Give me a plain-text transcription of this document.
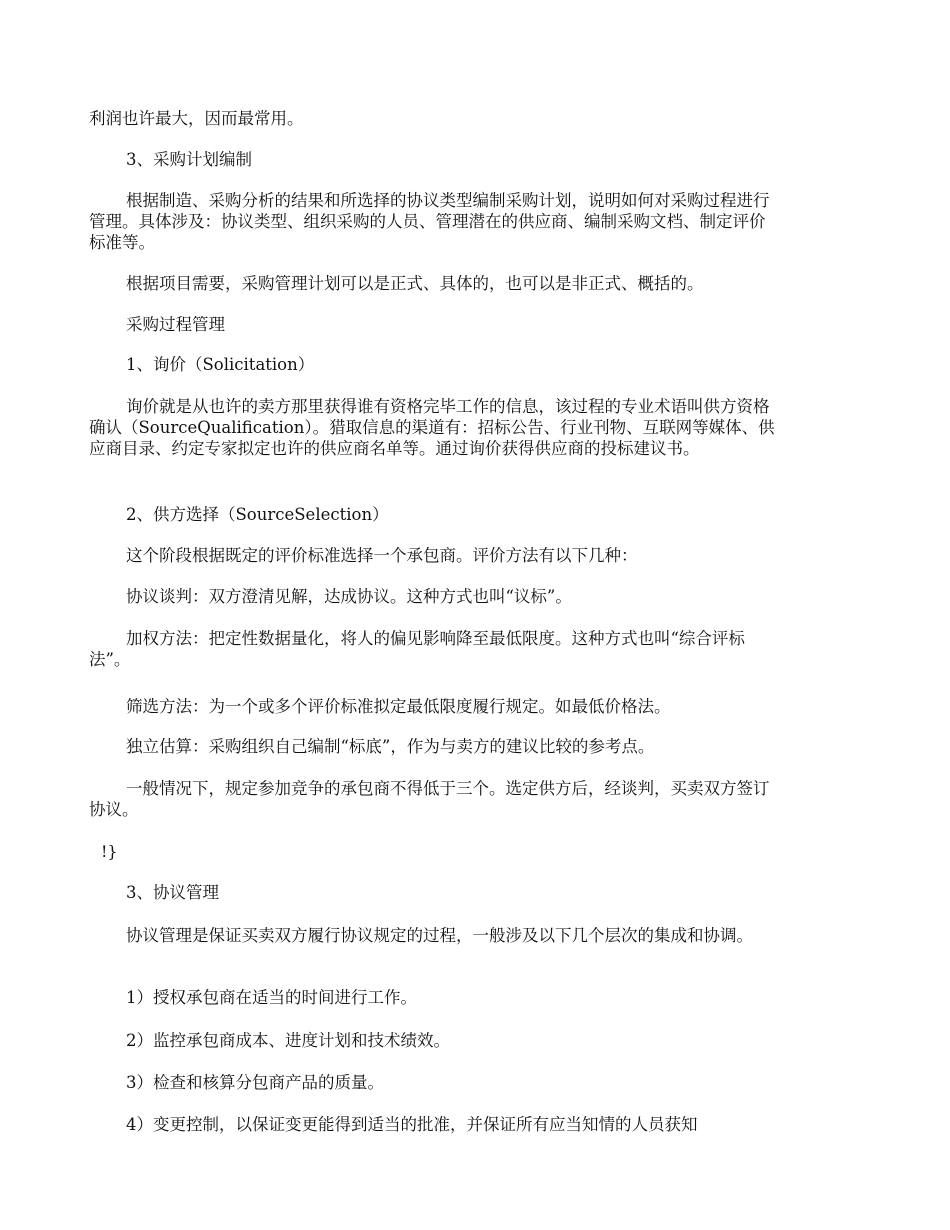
利润也许最大，因而最常用。

3、采购计划编制

根据制造、采购分析的结果和所选择的协议类型编制采购计划，说明如何对采购过程进行管理。具体涉及：协议类型、组织采购的人员、管理潜在的供应商、编制采购文档、制定评价标准等。

根据项目需要，采购管理计划可以是正式、具体的，也可以是非正式、概括的。

采购过程管理

1、询价（Solicitation）

询价就是从也许的卖方那里获得谁有资格完毕工作的信息，该过程的专业术语叫供方资格确认（SourceQualification）。猎取信息的渠道有：招标公告、行业刊物、互联网等媒体、供应商目录、约定专家拟定也许的供应商名单等。通过询价获得供应商的投标建议书。

2、供方选择（SourceSelection）

这个阶段根据既定的评价标准选择一个承包商。评价方法有以下几种：

协议谈判：双方澄清见解，达成协议。这种方式也叫“议标”。

加权方法：把定性数据量化，将人的偏见影响降至最低限度。这种方式也叫“综合评标法”。

筛选方法：为一个或多个评价标准拟定最低限度履行规定。如最低价格法。

独立估算：采购组织自己编制“标底”，作为与卖方的建议比较的参考点。

一般情况下，规定参加竞争的承包商不得低于三个。选定供方后，经谈判，买卖双方签订协议。

!}

3、协议管理

协议管理是保证买卖双方履行协议规定的过程，一般涉及以下几个层次的集成和协调。

1）授权承包商在适当的时间进行工作。

2）监控承包商成本、进度计划和技术绩效。

3）检查和核算分包商产品的质量。

4）变更控制，以保证变更能得到适当的批准，并保证所有应当知情的人员获知
